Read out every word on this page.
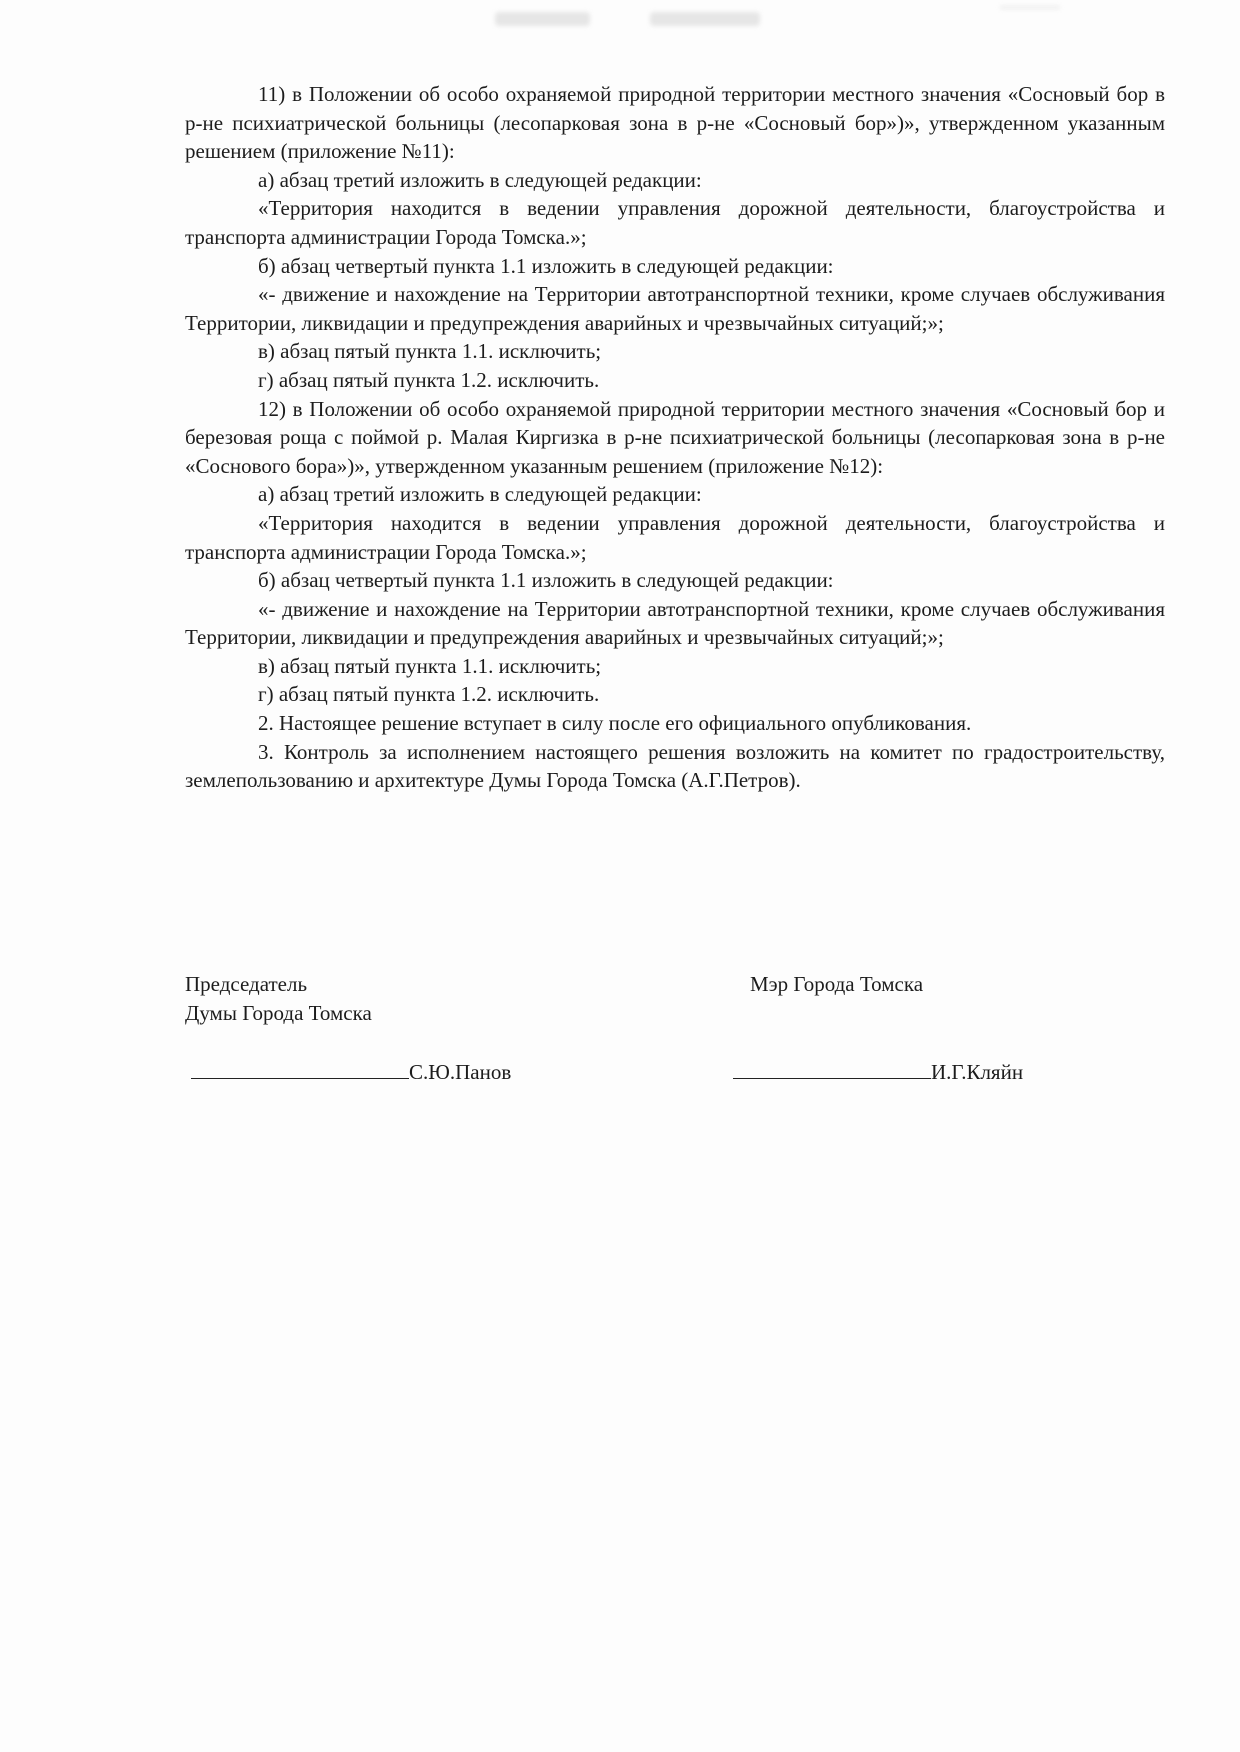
11) в Положении об особо охраняемой природной территории местного значения «Сосновый бор в р-не психиатрической больницы (лесопарковая зона в р-не «Сосновый бор»)», утвержденном указанным решением (приложение №11):

а) абзац третий изложить в следующей редакции:

«Территория находится в ведении управления дорожной деятельности, благоустройства и транспорта администрации Города Томска.»;

б) абзац четвертый пункта 1.1 изложить в следующей редакции:

«- движение и нахождение на Территории автотранспортной техники, кроме случаев обслуживания Территории, ликвидации и предупреждения аварийных и чрезвычайных ситуаций;»;

в) абзац пятый пункта 1.1. исключить;

г) абзац пятый пункта 1.2. исключить.

12) в Положении об особо охраняемой природной территории местного значения «Сосновый бор и березовая роща с поймой р. Малая Киргизка в р-не психиатрической больницы (лесопарковая зона в р-не «Соснового бора»)», утвержденном указанным решением (приложение №12):

а) абзац третий изложить в следующей редакции:

«Территория находится в ведении управления дорожной деятельности, благоустройства и транспорта администрации Города Томска.»;

б) абзац четвертый пункта 1.1 изложить в следующей редакции:

«- движение и нахождение на Территории автотранспортной техники, кроме случаев обслуживания Территории, ликвидации и предупреждения аварийных и чрезвычайных ситуаций;»;

в) абзац пятый пункта 1.1. исключить;

г) абзац пятый пункта 1.2. исключить.

2. Настоящее решение вступает в силу после его официального опубликования.

3. Контроль за исполнением настоящего решения возложить на комитет по градостроительству, землепользованию и архитектуре Думы Города Томска (А.Г.Петров).

Председатель
Думы Города Томска
Мэр Города Томска
С.Ю.Панов	И.Г.Кляйн
